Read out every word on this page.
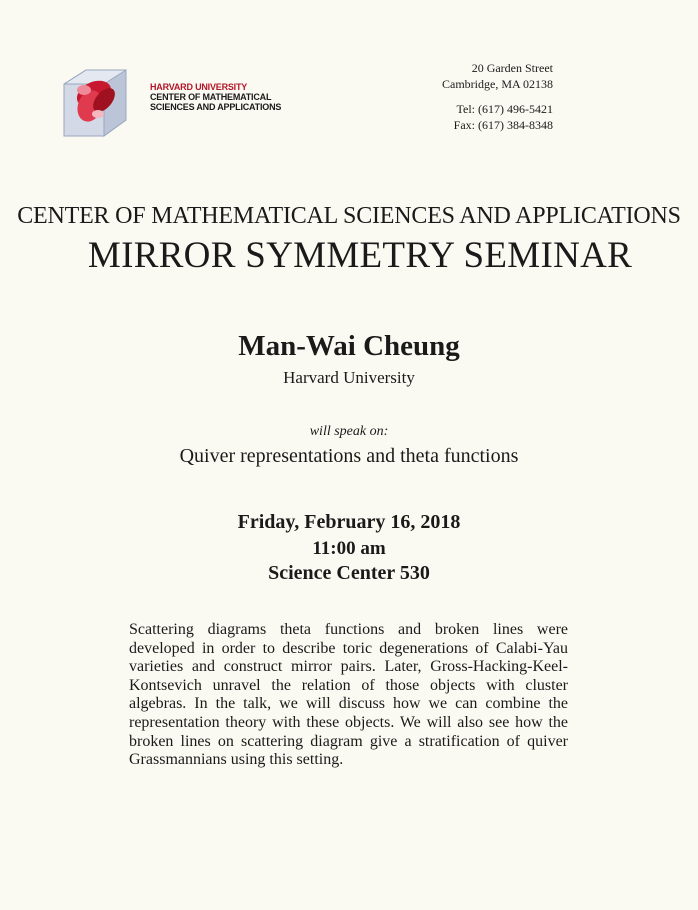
HARVARD UNIVERSITY
CENTER OF MATHEMATICAL
SCIENCES AND APPLICATIONS
20 Garden Street
Cambridge, MA 02138
Tel: (617) 496-5421
Fax: (617) 384-8348
CENTER OF MATHEMATICAL SCIENCES AND APPLICATIONS
MIRROR SYMMETRY SEMINAR
Man-Wai Cheung
Harvard University
will speak on:
Quiver representations and theta functions
Friday, February 16, 2018
11:00 am
Science Center 530
Scattering diagrams theta functions and broken lines were developed in order to describe toric degenerations of Calabi-Yau varieties and construct mirror pairs. Later, Gross-Hacking-Keel-Kontsevich unravel the relation of those objects with cluster algebras. In the talk, we will discuss how we can combine the representation theory with these objects. We will also see how the broken lines on scattering diagram give a stratification of quiver Grassmannians using this setting.
